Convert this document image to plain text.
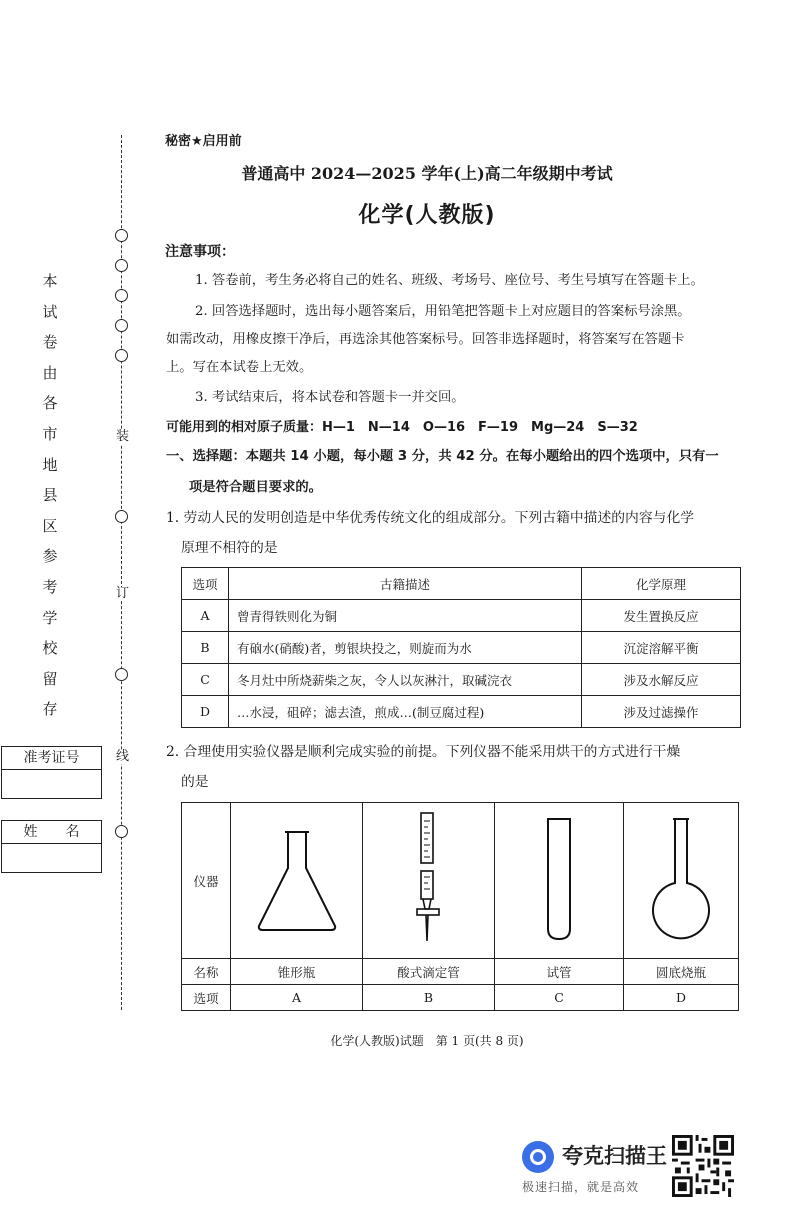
装
订
线
本
试
卷
由
各
市
地
县
区
参
考
学
校
留
存
准考证号
姓　　名
秘密★启用前
普通高中 2024—2025 学年(上)高二年级期中考试
化学(人教版)
注意事项：
1. 答卷前，考生务必将自己的姓名、班级、考场号、座位号、考生号填写在答题卡上。
2. 回答选择题时，选出每小题答案后，用铅笔把答题卡上对应题目的答案标号涂黑。
如需改动，用橡皮擦干净后，再选涂其他答案标号。回答非选择题时，将答案写在答题卡
上。写在本试卷上无效。
3. 考试结束后，将本试卷和答题卡一并交回。
可能用到的相对原子质量：H—1　N—14　O—16　F—19　Mg—24　S—32
一、选择题：本题共 14 小题，每小题 3 分，共 42 分。在每小题给出的四个选项中，只有一
项是符合题目要求的。
1. 劳动人民的发明创造是中华优秀传统文化的组成部分。下列古籍中描述的内容与化学
原理不相符的是
选项	古籍描述	化学原理
A	曾青得铁则化为铜	发生置换反应
B	有硇水(硝酸)者，剪银块投之，则旋而为水	沉淀溶解平衡
C	冬月灶中所烧薪柴之灰，令人以灰淋汁，取碱浣衣	涉及水解反应
D	…水浸，砠碎；滤去渣，煎成…(制豆腐过程)	涉及过滤操作
2. 合理使用实验仪器是顺利完成实验的前提。下列仪器不能采用烘干的方式进行干燥
的是
仪器				
名称	锥形瓶	酸式滴定管	试管	圆底烧瓶
选项	A	B	C	D
化学(人教版)试题　第 1 页(共 8 页)
夸克扫描王
极速扫描，就是高效
